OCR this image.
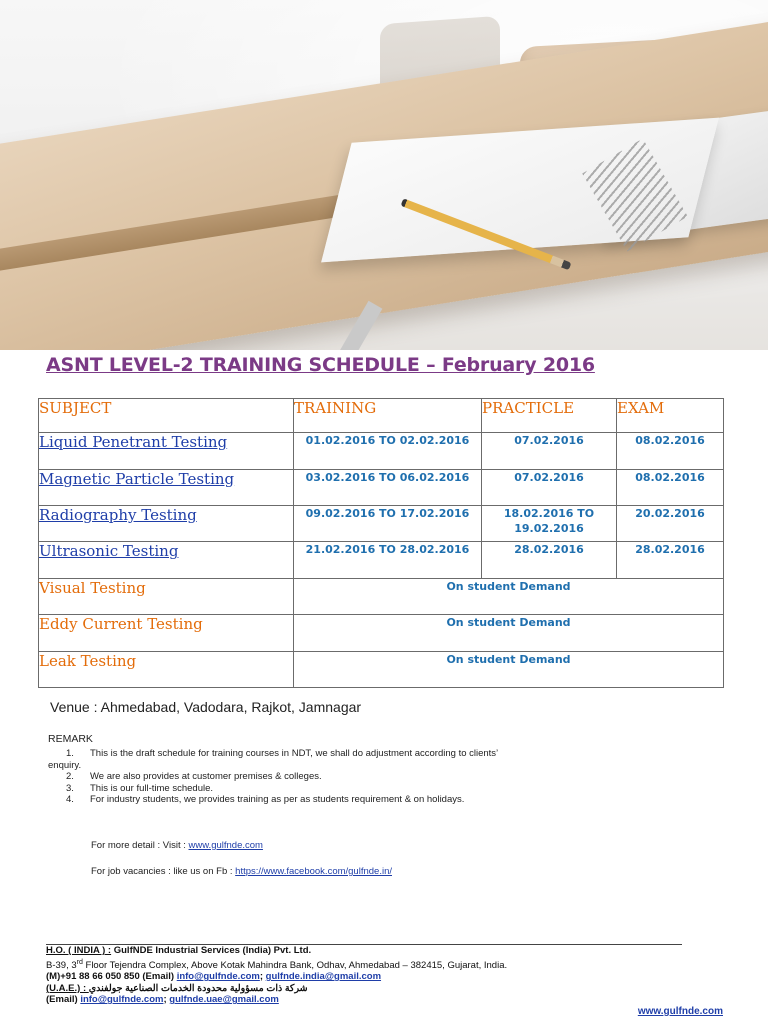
ASNT LEVEL-2 TRAINING SCHEDULE – February 2016
SUBJECT	TRAINING	PRACTICLE	EXAM
Liquid Penetrant Testing	01.02.2016 TO 02.02.2016	07.02.2016	08.02.2016
Magnetic Particle Testing	03.02.2016 TO 06.02.2016	07.02.2016	08.02.2016
Radiography Testing	09.02.2016 TO 17.02.2016	18.02.2016 TO 19.02.2016	20.02.2016
Ultrasonic Testing	21.02.2016 TO 28.02.2016	28.02.2016	28.02.2016
Visual Testing	On student Demand		
Eddy Current Testing	On student Demand		
Leak Testing	On student Demand		
Venue : Ahmedabad, Vadodara, Rajkot, Jamnagar
REMARK
1. This is the draft schedule for training courses in NDT, we shall do adjustment according to clients’
enquiry.
2. We are also provides at customer premises & colleges.
3. This is our full-time schedule.
4. For industry students, we provides training as per as students requirement & on holidays.
For more detail : Visit : www.gulfnde.com
For job vacancies : like us on Fb : https://www.facebook.com/gulfnde.in/
H.O. ( INDIA ) : GulfNDE Industrial Services (India) Pvt. Ltd.
B-39, 3rd Floor Tejendra Complex, Above Kotak Mahindra Bank, Odhav, Ahmedabad – 382415, Gujarat, India.
(M)+91 88 66 050 850 (Email) info@gulfnde.com; gulfnde.india@gmail.com
(U.A.E.) : شركة ذات مسؤولية محدودة الخدمات الصناعية جولفندي
(Email) info@gulfnde.com; gulfnde.uae@gmail.com
www.gulfnde.com
